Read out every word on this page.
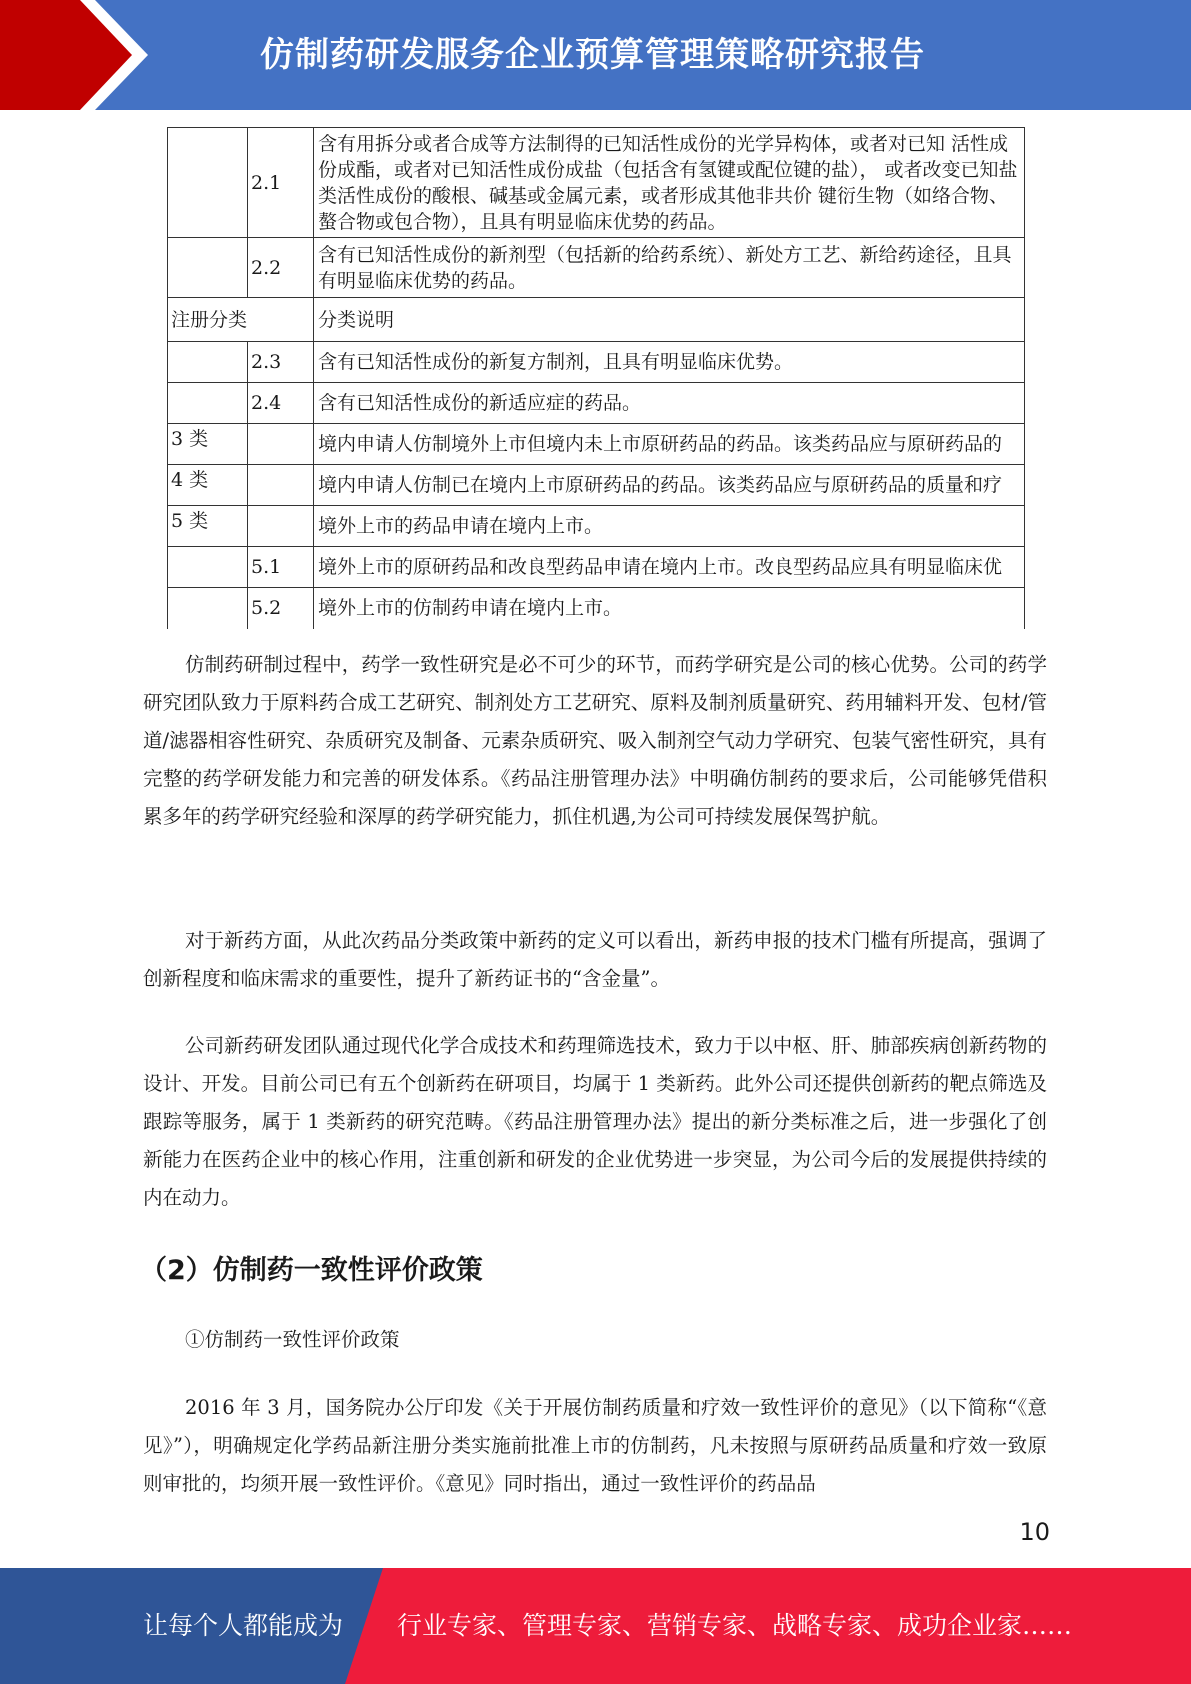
仿制药研发服务企业预算管理策略研究报告
	2.1	含有用拆分或者合成等方法制得的已知活性成份的光学异构体，或者对已知 活性成份成酯，或者对已知活性成份成盐（包括含有氢键或配位键的盐）， 或者改变已知盐类活性成份的酸根、碱基或金属元素，或者形成其他非共价 键衍生物（如络合物、螯合物或包合物），且具有明显临床优势的药品。
	2.2	含有已知活性成份的新剂型（包括新的给药系统）、新处方工艺、新给药途径，且具有明显临床优势的药品。
注册分类		分类说明
	2.3	含有已知活性成份的新复方制剂，且具有明显临床优势。
	2.4	含有已知活性成份的新适应症的药品。
3 类		境内申请人仿制境外上市但境内未上市原研药品的药品。该类药品应与原研药品的

4 类		境内申请人仿制已在境内上市原研药品的药品。该类药品应与原研药品的质量和疗

5 类		境外上市的药品申请在境内上市。
	5.1	境外上市的原研药品和改良型药品申请在境内上市。改良型药品应具有明显临床优

	5.2	境外上市的仿制药申请在境内上市。

仿制药研制过程中，药学一致性研究是必不可少的环节，而药学研究是公司的核心优势。公司的药学研究团队致力于原料药合成工艺研究、制剂处方工艺研究、原料及制剂质量研究、药用辅料开发、包材/管道/滤器相容性研究、杂质研究及制备、元素杂质研究、吸入制剂空气动力学研究、包装气密性研究，具有完整的药学研发能力和完善的研发体系。《药品注册管理办法》中明确仿制药的要求后，公司能够凭借积累多年的药学研究经验和深厚的药学研究能力，抓住机遇,为公司可持续发展保驾护航。

对于新药方面，从此次药品分类政策中新药的定义可以看出，新药申报的技术门槛有所提高，强调了创新程度和临床需求的重要性，提升了新药证书的“含金量”。

公司新药研发团队通过现代化学合成技术和药理筛选技术，致力于以中枢、肝、肺部疾病创新药物的设计、开发。目前公司已有五个创新药在研项目，均属于 1 类新药。此外公司还提供创新药的靶点筛选及跟踪等服务，属于 1 类新药的研究范畴。《药品注册管理办法》提出的新分类标准之后，进一步强化了创新能力在医药企业中的核心作用，注重创新和研发的企业优势进一步突显，为公司今后的发展提供持续的内在动力。

（2）仿制药一致性评价政策

①仿制药一致性评价政策

2016 年 3 月，国务院办公厅印发《关于开展仿制药质量和疗效一致性评价的意见》（以下简称“《意见》”），明确规定化学药品新注册分类实施前批准上市的仿制药，凡未按照与原研药品质量和疗效一致原则审批的，均须开展一致性评价。《意见》同时指出，通过一致性评价的药品品

10
让每个人都能成为 行业专家、管理专家、营销专家、战略专家、成功企业家……
